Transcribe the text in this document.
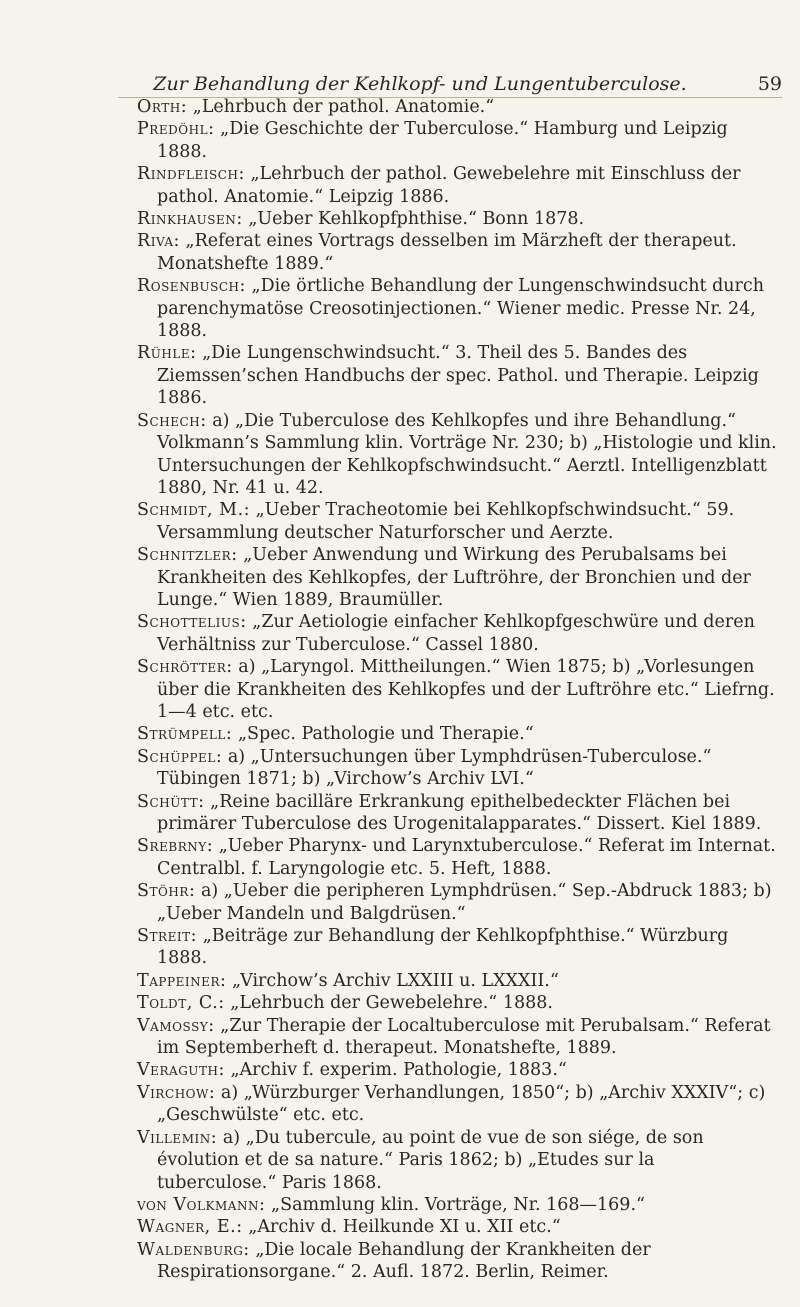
Zur Behandlung der Kehlkopf- und Lungentuberculose.	59

Orth: „Lehrbuch der pathol. Anatomie.“

Predöhl: „Die Geschichte der Tuberculose.“ Hamburg und Leipzig 1888.

Rindfleisch: „Lehrbuch der pathol. Gewebelehre mit Einschluss der pathol. Anatomie.“ Leipzig 1886.

Rinkhausen: „Ueber Kehlkopfphthise.“ Bonn 1878.

Riva: „Referat eines Vortrags desselben im Märzheft der therapeut. Monatshefte 1889.“

Rosenbusch: „Die örtliche Behandlung der Lungenschwindsucht durch parenchymatöse Creosotinjectionen.“ Wiener medic. Presse Nr. 24, 1888.

Rühle: „Die Lungenschwindsucht.“ 3. Theil des 5. Bandes des Ziemssen’schen Handbuchs der spec. Pathol. und Therapie. Leipzig 1886.

Schech: a) „Die Tuberculose des Kehlkopfes und ihre Behandlung.“ Volkmann’s Sammlung klin. Vorträge Nr. 230; b) „Histologie und klin. Untersuchungen der Kehlkopfschwindsucht.“ Aerztl. Intelligenzblatt 1880, Nr. 41 u. 42.

Schmidt, M.: „Ueber Tracheotomie bei Kehlkopfschwindsucht.“ 59. Versammlung deutscher Naturforscher und Aerzte.

Schnitzler: „Ueber Anwendung und Wirkung des Perubalsams bei Krankheiten des Kehlkopfes, der Luftröhre, der Bronchien und der Lunge.“ Wien 1889, Braumüller.

Schottelius: „Zur Aetiologie einfacher Kehlkopfgeschwüre und deren Verhältniss zur Tuberculose.“ Cassel 1880.

Schrötter: a) „Laryngol. Mittheilungen.“ Wien 1875; b) „Vorlesungen über die Krankheiten des Kehlkopfes und der Luftröhre etc.“ Liefrng. 1—4 etc. etc.

Strümpell: „Spec. Pathologie und Therapie.“

Schüppel: a) „Untersuchungen über Lymphdrüsen-Tuberculose.“ Tübingen 1871; b) „Virchow’s Archiv LVI.“

Schütt: „Reine bacilläre Erkrankung epithelbedeckter Flächen bei primärer Tuberculose des Urogenitalapparates.“ Dissert. Kiel 1889.

Srebrny: „Ueber Pharynx- und Larynxtuberculose.“ Referat im Internat. Centralbl. f. Laryngologie etc. 5. Heft, 1888.

Stöhr: a) „Ueber die peripheren Lymphdrüsen.“ Sep.-Abdruck 1883; b) „Ueber Mandeln und Balgdrüsen.“

Streit: „Beiträge zur Behandlung der Kehlkopfphthise.“ Würzburg 1888.

Tappeiner: „Virchow’s Archiv LXXIII u. LXXXII.“

Toldt, C.: „Lehrbuch der Gewebelehre.“ 1888.

Vamossy: „Zur Therapie der Localtuberculose mit Perubalsam.“ Referat im Septemberheft d. therapeut. Monatshefte, 1889.

Veraguth: „Archiv f. experim. Pathologie, 1883.“

Virchow: a) „Würzburger Verhandlungen, 1850“; b) „Archiv XXXIV“; c) „Geschwülste“ etc. etc.

Villemin: a) „Du tubercule, au point de vue de son siége, de son évolution et de sa nature.“ Paris 1862; b) „Etudes sur la tuberculose.“ Paris 1868.

von Volkmann: „Sammlung klin. Vorträge, Nr. 168—169.“

Wagner, E.: „Archiv d. Heilkunde XI u. XII etc.“

Waldenburg: „Die locale Behandlung der Krankheiten der Respirationsorgane.“ 2. Aufl. 1872. Berlin, Reimer.
